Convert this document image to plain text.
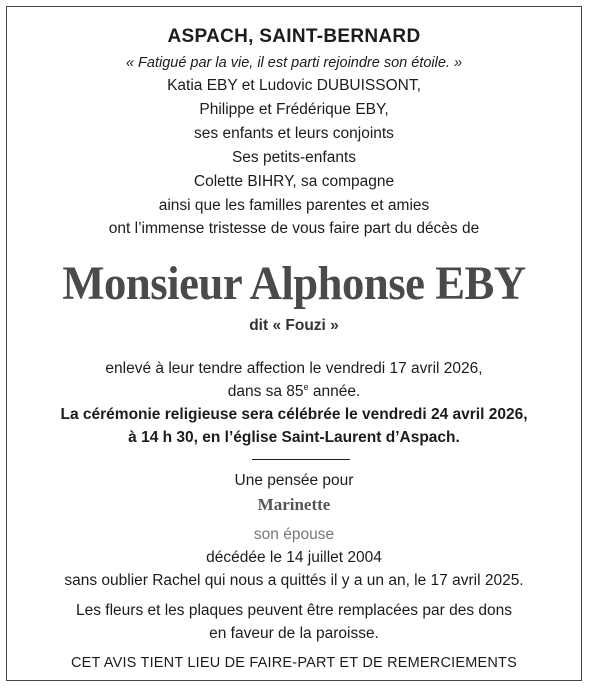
ASPACH, SAINT-BERNARD
« Fatigué par la vie, il est parti rejoindre son étoile. »
Katia EBY et Ludovic DUBUISSONT,
Philippe et Frédérique EBY,
ses enfants et leurs conjoints
Ses petits-enfants
Colette BIHRY, sa compagne
ainsi que les familles parentes et amies
ont l’immense tristesse de vous faire part du décès de
Monsieur Alphonse EBY
dit « Fouzi »
enlevé à leur tendre affection le vendredi 17 avril 2026,
dans sa 85e année.
La cérémonie religieuse sera célébrée le vendredi 24 avril 2026,
à 14 h 30, en l’église Saint-Laurent d’Aspach.
Une pensée pour
Marinette
son épouse
décédée le 14 juillet 2004
sans oublier Rachel qui nous a quittés il y a un an, le 17 avril 2025.
Les fleurs et les plaques peuvent être remplacées par des dons
en faveur de la paroisse.
CET AVIS TIENT LIEU DE FAIRE-PART ET DE REMERCIEMENTS
